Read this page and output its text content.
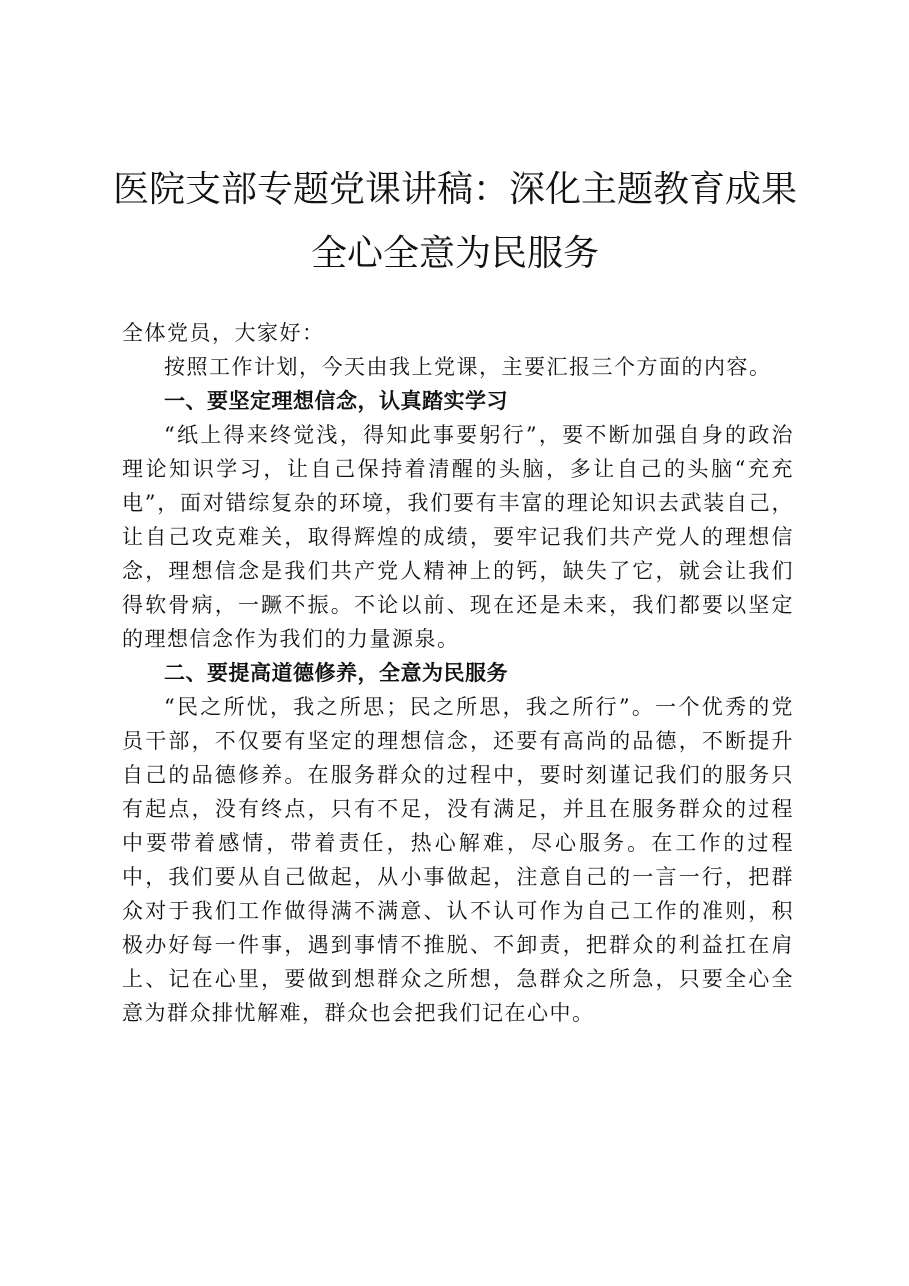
医院支部专题党课讲稿：深化主题教育成果全心全意为民服务

全体党员，大家好：

按照工作计划，今天由我上党课，主要汇报三个方面的内容。

一、要坚定理想信念，认真踏实学习

“纸上得来终觉浅，得知此事要躬行”，要不断加强自身的政治理论知识学习，让自己保持着清醒的头脑，多让自己的头脑“充充电”，面对错综复杂的环境，我们要有丰富的理论知识去武装自己，让自己攻克难关，取得辉煌的成绩，要牢记我们共产党人的理想信念，理想信念是我们共产党人精神上的钙，缺失了它，就会让我们得软骨病，一蹶不振。不论以前、现在还是未来，我们都要以坚定的理想信念作为我们的力量源泉。

二、要提高道德修养，全意为民服务

“民之所忧，我之所思；民之所思，我之所行”。一个优秀的党员干部，不仅要有坚定的理想信念，还要有高尚的品德，不断提升自己的品德修养。在服务群众的过程中，要时刻谨记我们的服务只有起点，没有终点，只有不足，没有满足，并且在服务群众的过程中要带着感情，带着责任，热心解难，尽心服务。在工作的过程中，我们要从自己做起，从小事做起，注意自己的一言一行，把群众对于我们工作做得满不满意、认不认可作为自己工作的准则，积极办好每一件事，遇到事情不推脱、不卸责，把群众的利益扛在肩上、记在心里，要做到想群众之所想，急群众之所急，只要全心全意为群众排忧解难，群众也会把我们记在心中。
